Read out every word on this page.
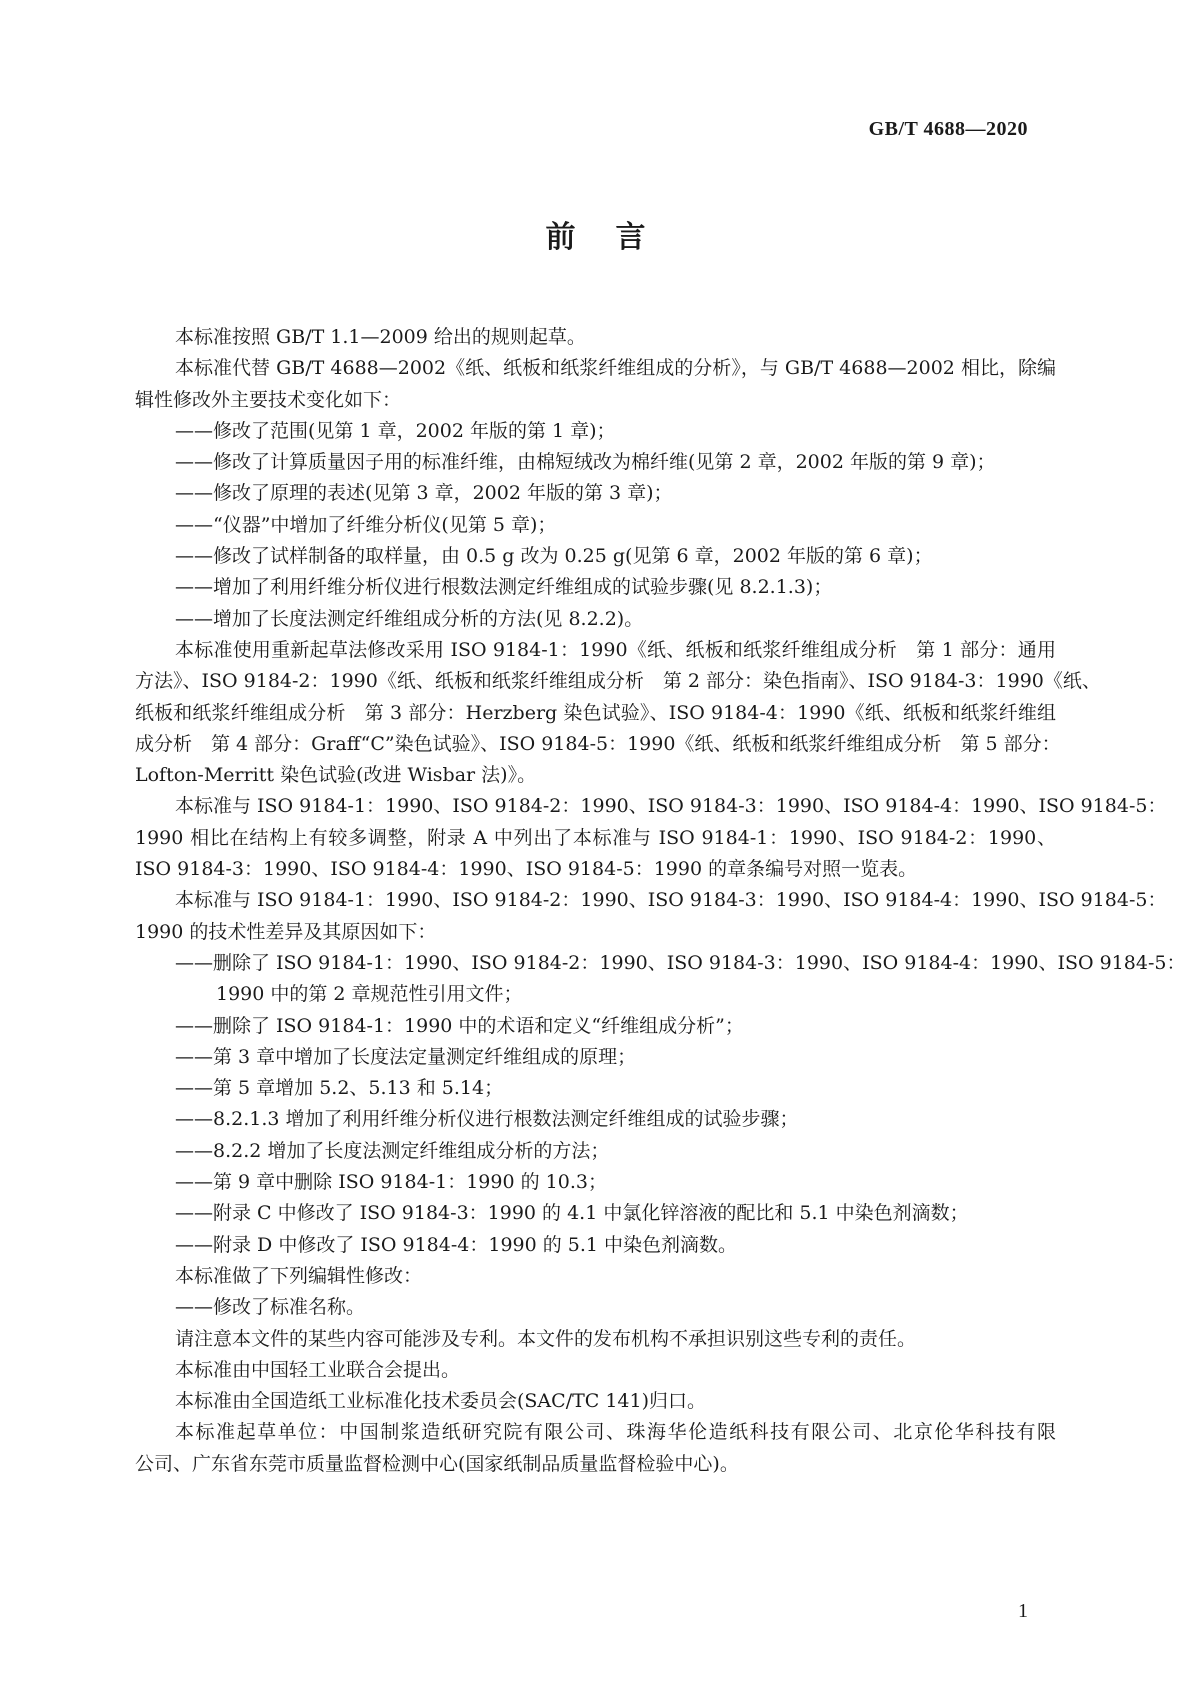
GB/T 4688—2020
前言
本标准按照 GB/T 1.1—2009 给出的规则起草。
本标准代替 GB/T 4688—2002《纸、纸板和纸浆纤维组成的分析》，与 GB/T 4688—2002 相比，除编
辑性修改外主要技术变化如下：
——修改了范围(见第 1 章，2002 年版的第 1 章)；
——修改了计算质量因子用的标准纤维，由棉短绒改为棉纤维(见第 2 章，2002 年版的第 9 章)；
——修改了原理的表述(见第 3 章，2002 年版的第 3 章)；
——“仪器”中增加了纤维分析仪(见第 5 章)；
——修改了试样制备的取样量，由 0.5 g 改为 0.25 g(见第 6 章，2002 年版的第 6 章)；
——增加了利用纤维分析仪进行根数法测定纤维组成的试验步骤(见 8.2.1.3)；
——增加了长度法测定纤维组成分析的方法(见 8.2.2)。
本标准使用重新起草法修改采用 ISO 9184-1：1990《纸、纸板和纸浆纤维组成分析　第 1 部分：通用
方法》、ISO 9184-2：1990《纸、纸板和纸浆纤维组成分析　第 2 部分：染色指南》、ISO 9184-3：1990《纸、
纸板和纸浆纤维组成分析　第 3 部分：Herzberg 染色试验》、ISO 9184-4：1990《纸、纸板和纸浆纤维组
成分析　第 4 部分：Graff“C”染色试验》、ISO 9184-5：1990《纸、纸板和纸浆纤维组成分析　第 5 部分：
Lofton-Merritt 染色试验(改进 Wisbar 法)》。
本标准与 ISO 9184-1：1990、ISO 9184-2：1990、ISO 9184-3：1990、ISO 9184-4：1990、ISO 9184-5：
1990 相比在结构上有较多调整，附录 A 中列出了本标准与 ISO 9184-1：1990、ISO 9184-2：1990、
ISO 9184-3：1990、ISO 9184-4：1990、ISO 9184-5：1990 的章条编号对照一览表。
本标准与 ISO 9184-1：1990、ISO 9184-2：1990、ISO 9184-3：1990、ISO 9184-4：1990、ISO 9184-5：
1990 的技术性差异及其原因如下：
——删除了 ISO 9184-1：1990、ISO 9184-2：1990、ISO 9184-3：1990、ISO 9184-4：1990、ISO 9184-5：
1990 中的第 2 章规范性引用文件；
——删除了 ISO 9184-1：1990 中的术语和定义“纤维组成分析”；
——第 3 章中增加了长度法定量测定纤维组成的原理；
——第 5 章增加 5.2、5.13 和 5.14；
——8.2.1.3 增加了利用纤维分析仪进行根数法测定纤维组成的试验步骤；
——8.2.2 增加了长度法测定纤维组成分析的方法；
——第 9 章中删除 ISO 9184-1：1990 的 10.3；
——附录 C 中修改了 ISO 9184-3：1990 的 4.1 中氯化锌溶液的配比和 5.1 中染色剂滴数；
——附录 D 中修改了 ISO 9184-4：1990 的 5.1 中染色剂滴数。
本标准做了下列编辑性修改：
——修改了标准名称。
请注意本文件的某些内容可能涉及专利。本文件的发布机构不承担识别这些专利的责任。
本标准由中国轻工业联合会提出。
本标准由全国造纸工业标准化技术委员会(SAC/TC 141)归口。
本标准起草单位：中国制浆造纸研究院有限公司、珠海华伦造纸科技有限公司、北京伦华科技有限
公司、广东省东莞市质量监督检测中心(国家纸制品质量监督检验中心)。
1
